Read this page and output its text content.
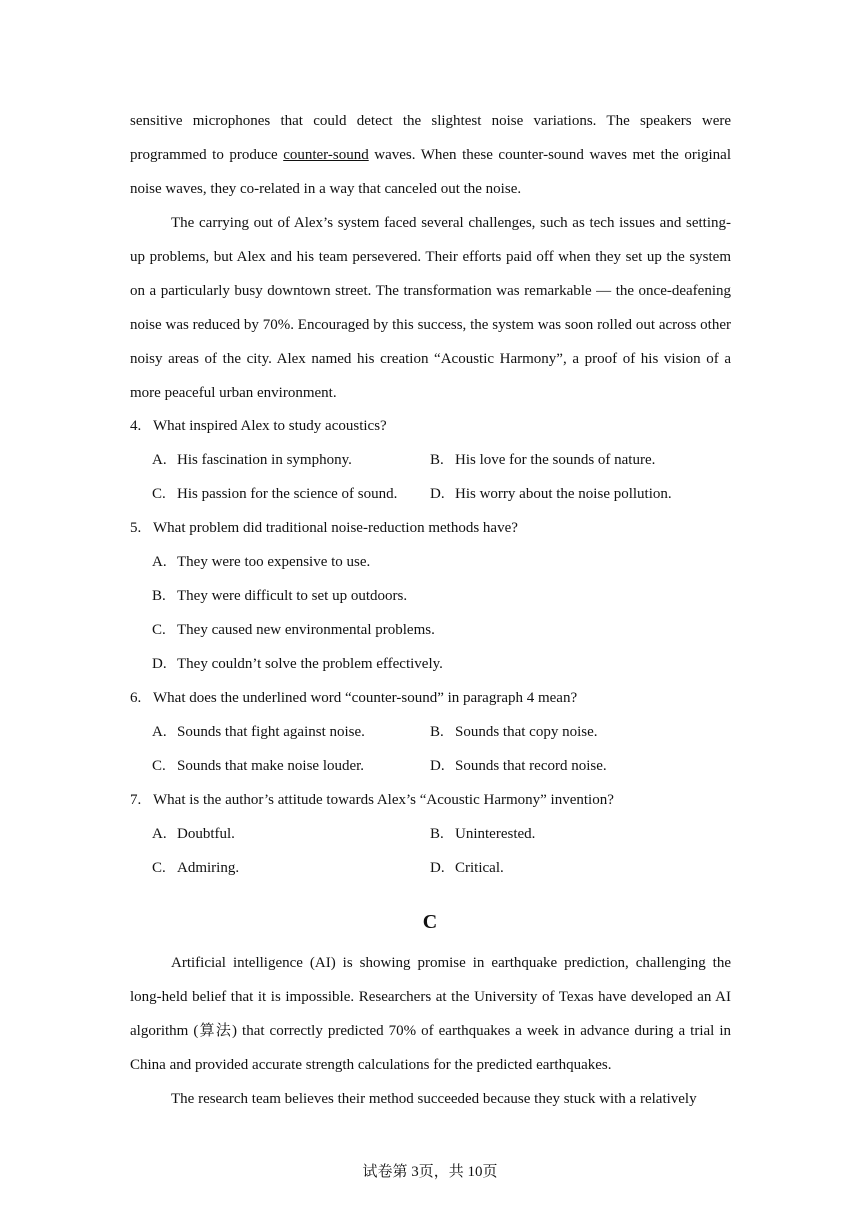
sensitive microphones that could detect the slightest noise variations. The speakers were programmed to produce counter-sound waves. When these counter-sound waves met the original noise waves, they co-related in a way that canceled out the noise.

The carrying out of Alex’s system faced several challenges, such as tech issues and setting-up problems, but Alex and his team persevered. Their efforts paid off when they set up the system on a particularly busy downtown street. The transformation was remarkable — the once-deafening noise was reduced by 70%. Encouraged by this success, the system was soon rolled out across other noisy areas of the city. Alex named his creation “Acoustic Harmony”, a proof of his vision of a more peaceful urban environment.

4. What inspired Alex to study acoustics?
A. His fascination in symphony.	B. His love for the sounds of nature.
C. His passion for the science of sound. D. His worry about the noise pollution.
5. What problem did traditional noise-reduction methods have?
A. They were too expensive to use.
B. They were difficult to set up outdoors.
C. They caused new environmental problems.
D. They couldn’t solve the problem effectively.
6. What does the underlined word “counter-sound” in paragraph 4 mean?
A. Sounds that fight against noise.	B. Sounds that copy noise.
C. Sounds that make noise louder.	D. Sounds that record noise.
7. What is the author’s attitude towards Alex’s “Acoustic Harmony” invention?
A. Doubtful.	B. Uninterested.
C. Admiring.	D. Critical.
C

Artificial intelligence (AI) is showing promise in earthquake prediction, challenging the long-held belief that it is impossible. Researchers at the University of Texas have developed an AI algorithm (算法) that correctly predicted 70% of earthquakes a week in advance during a trial in China and provided accurate strength calculations for the predicted earthquakes.

The research team believes their method succeeded because they stuck with a relatively

试卷第 3页，共 10页
